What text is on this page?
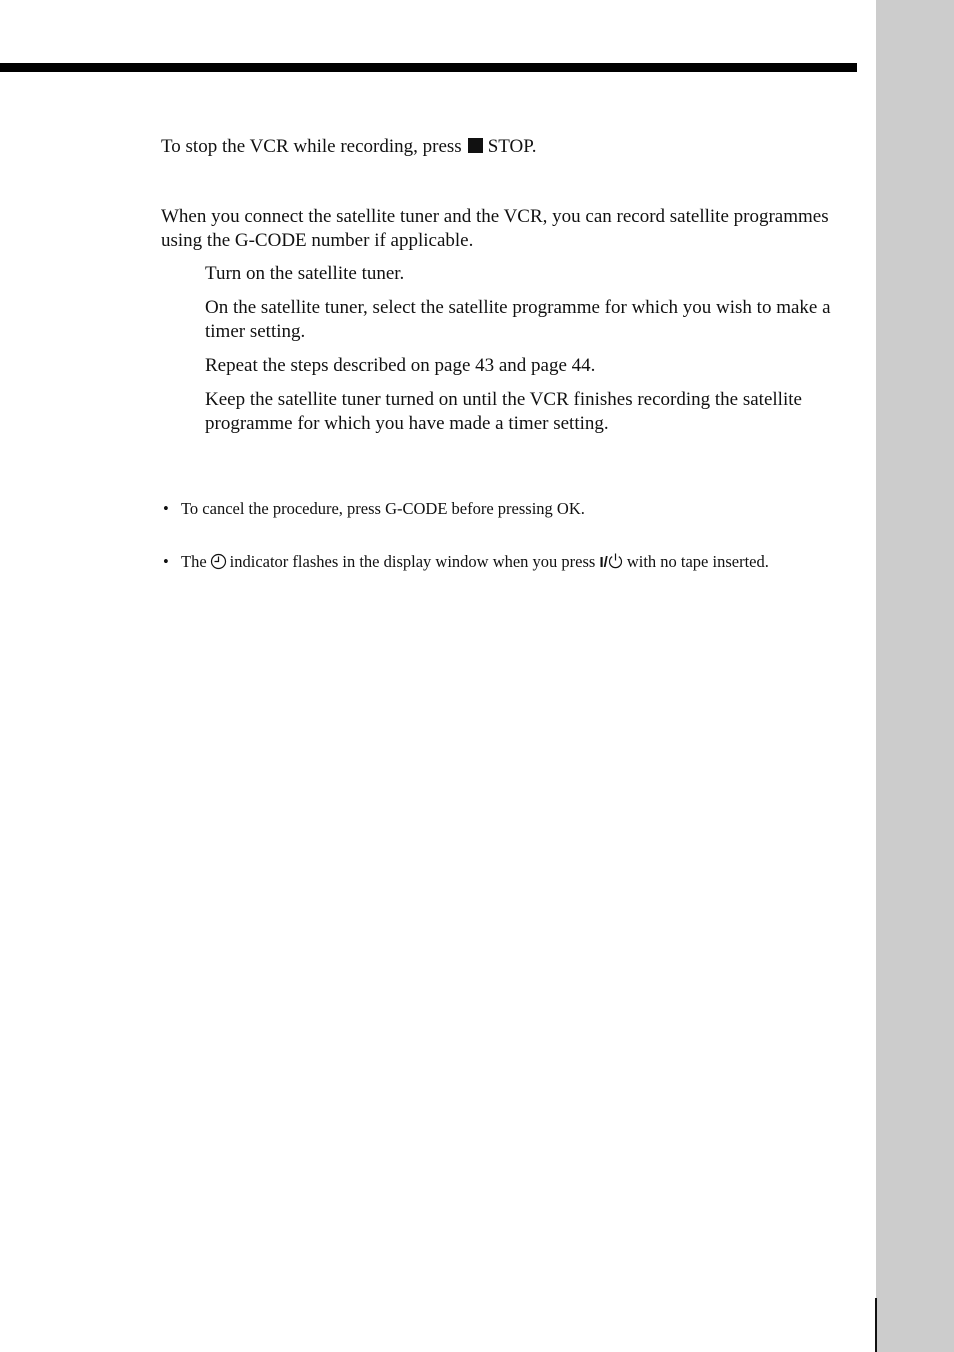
To stop the VCR while recording, press STOP.

When you connect the satellite tuner and the VCR, you can record satellite programmes using the G-CODE number if applicable.

Turn on the satellite tuner.
On the satellite tuner, select the satellite programme for which you wish to make a timer setting.
Repeat the steps described on page 43 and page 44.
Keep the satellite tuner turned on until the VCR finishes recording the satellite programme for which you have made a timer setting.
• To cancel the procedure, press G-CODE before pressing OK.
• The indicator flashes in the display window when you press I/ with no tape inserted.
